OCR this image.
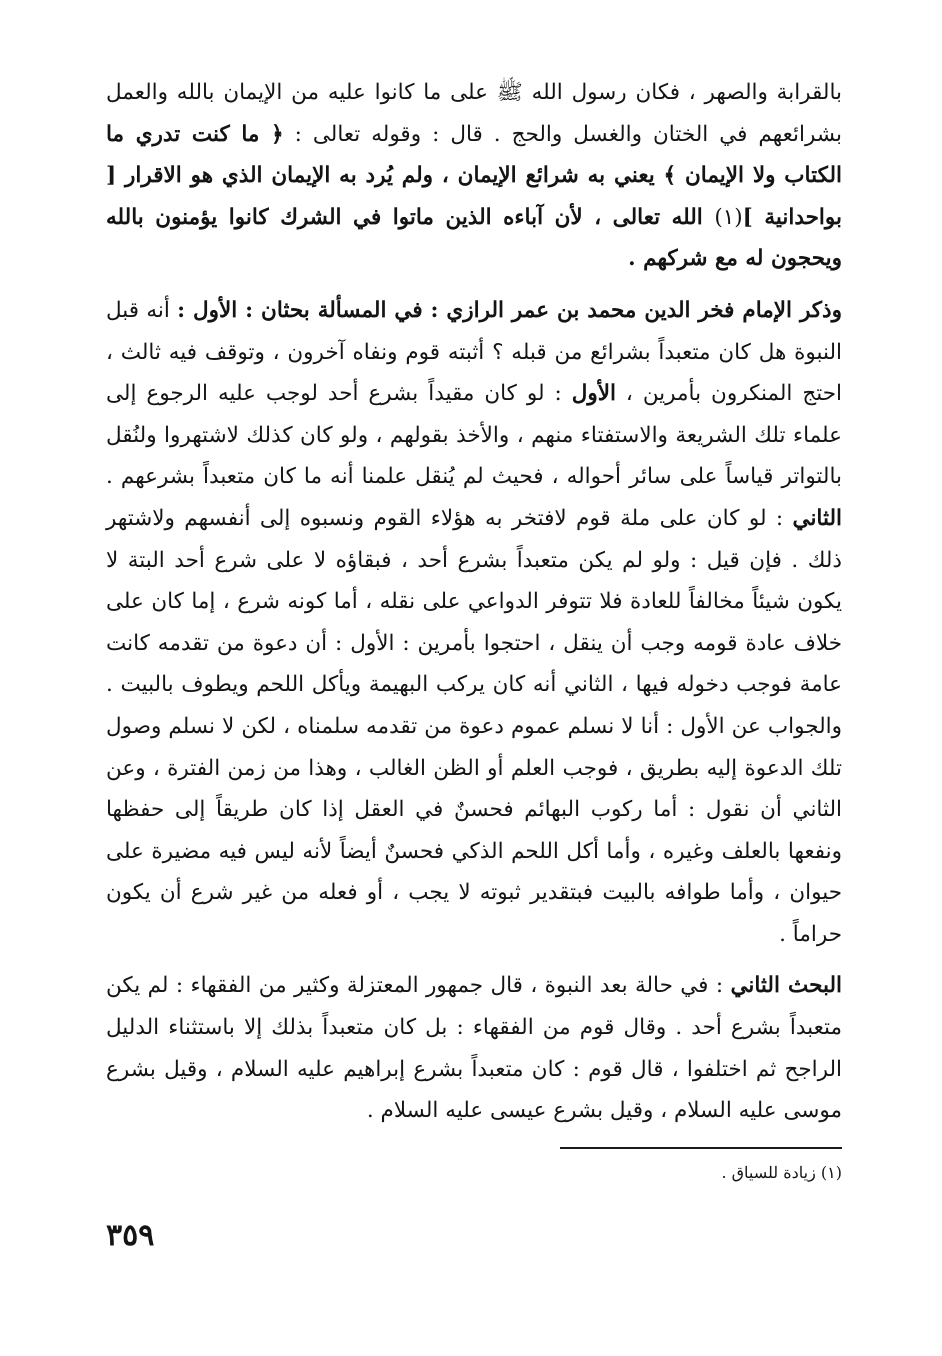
بالقرابة والصهر ، فكان رسول الله ﷺ على ما كانوا عليه من الإيمان بالله والعمل بشرائعهم في الختان والغسل والحج . قال : وقوله تعالى : ﴿ ما كنت تدري ما الكتاب ولا الإيمان ﴾ يعني به شرائع الإيمان ، ولم يُرد به الإيمان الذي هو الاقرار [ بواحدانية ](١) الله تعالى ، لأن آباءه الذين ماتوا في الشرك كانوا يؤمنون بالله ويحجون له مع شركهم .

وذكر الإمام فخر الدين محمد بن عمر الرازي : في المسألة بحثان : الأول : أنه قبل النبوة هل كان متعبداً بشرائع من قبله ؟ أثبته قوم ونفاه آخرون ، وتوقف فيه ثالث ، احتج المنكرون بأمرين ، الأول : لو كان مقيداً بشرع أحد لوجب عليه الرجوع إلى علماء تلك الشريعة والاستفتاء منهم ، والأخذ بقولهم ، ولو كان كذلك لاشتهروا ولنُقل بالتواتر قياساً على سائر أحواله ، فحيث لم يُنقل علمنا أنه ما كان متعبداً بشرعهم . الثاني : لو كان على ملة قوم لافتخر به هؤلاء القوم ونسبوه إلى أنفسهم ولاشتهر ذلك . فإن قيل : ولو لم يكن متعبداً بشرع أحد ، فبقاؤه لا على شرع أحد البتة لا يكون شيئاً مخالفاً للعادة فلا تتوفر الدواعي على نقله ، أما كونه شرع ، إما كان على خلاف عادة قومه وجب أن ينقل ، احتجوا بأمرين : الأول : أن دعوة من تقدمه كانت عامة فوجب دخوله فيها ، الثاني أنه كان يركب البهيمة ويأكل اللحم ويطوف بالبيت . والجواب عن الأول : أنا لا نسلم عموم دعوة من تقدمه سلمناه ، لكن لا نسلم وصول تلك الدعوة إليه بطريق ، فوجب العلم أو الظن الغالب ، وهذا من زمن الفترة ، وعن الثاني أن نقول : أما ركوب البهائم فحسنٌ في العقل إذا كان طريقاً إلى حفظها ونفعها بالعلف وغيره ، وأما أكل اللحم الذكي فحسنٌ أيضاً لأنه ليس فيه مضيرة على حيوان ، وأما طوافه بالبيت فبتقدير ثبوته لا يجب ، أو فعله من غير شرع أن يكون حراماً .

البحث الثاني : في حالة بعد النبوة ، قال جمهور المعتزلة وكثير من الفقهاء : لم يكن متعبداً بشرع أحد . وقال قوم من الفقهاء : بل كان متعبداً بذلك إلا باستثناء الدليل الراجح ثم اختلفوا ، قال قوم : كان متعبداً بشرع إبراهيم عليه السلام ، وقيل بشرع موسى عليه السلام ، وقيل بشرع عيسى عليه السلام .

(١) زيادة للسياق .

٣٥٩
